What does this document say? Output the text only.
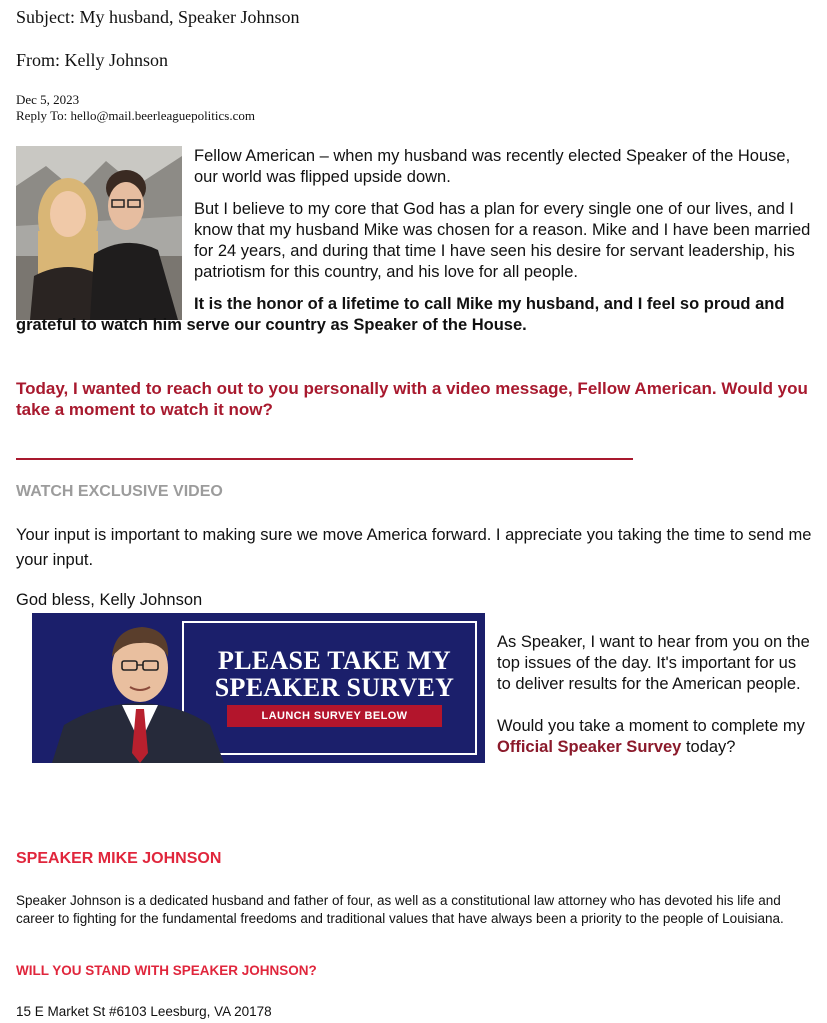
Subject: My husband, Speaker Johnson
From: Kelly Johnson
Dec 5, 2023
Reply To: hello@mail.beerleaguepolitics.com

Fellow American – when my husband was recently elected Speaker of the House, our world was flipped upside down.

But I believe to my core that God has a plan for every single one of our lives, and I know that my husband Mike was chosen for a reason. Mike and I have been married for 24 years, and during that time I have seen his desire for servant leadership, his patriotism for this country, and his love for all people.

It is the honor of a lifetime to call Mike my husband, and I feel so proud and grateful to watch him serve our country as Speaker of the House.

Today, I wanted to reach out to you personally with a video message, Fellow American. Would you take a moment to watch it now?
WATCH EXCLUSIVE VIDEO
Your input is important to making sure we move America forward. I appreciate you taking the time to send me your input.
God bless, Kelly Johnson
PLEASE TAKE MY
SPEAKER SURVEY
LAUNCH SURVEY BELOW

As Speaker, I want to hear from you on the top issues of the day. It's important for us to deliver results for the American people.

Would you take a moment to complete my Official Speaker Survey today?

SPEAKER MIKE JOHNSON
Speaker Johnson is a dedicated husband and father of four, as well as a constitutional law attorney who has devoted his life and career to fighting for the fundamental freedoms and traditional values that have always been a priority to the people of Louisiana.
WILL YOU STAND WITH SPEAKER JOHNSON?
15 E Market St #6103 Leesburg, VA 20178
